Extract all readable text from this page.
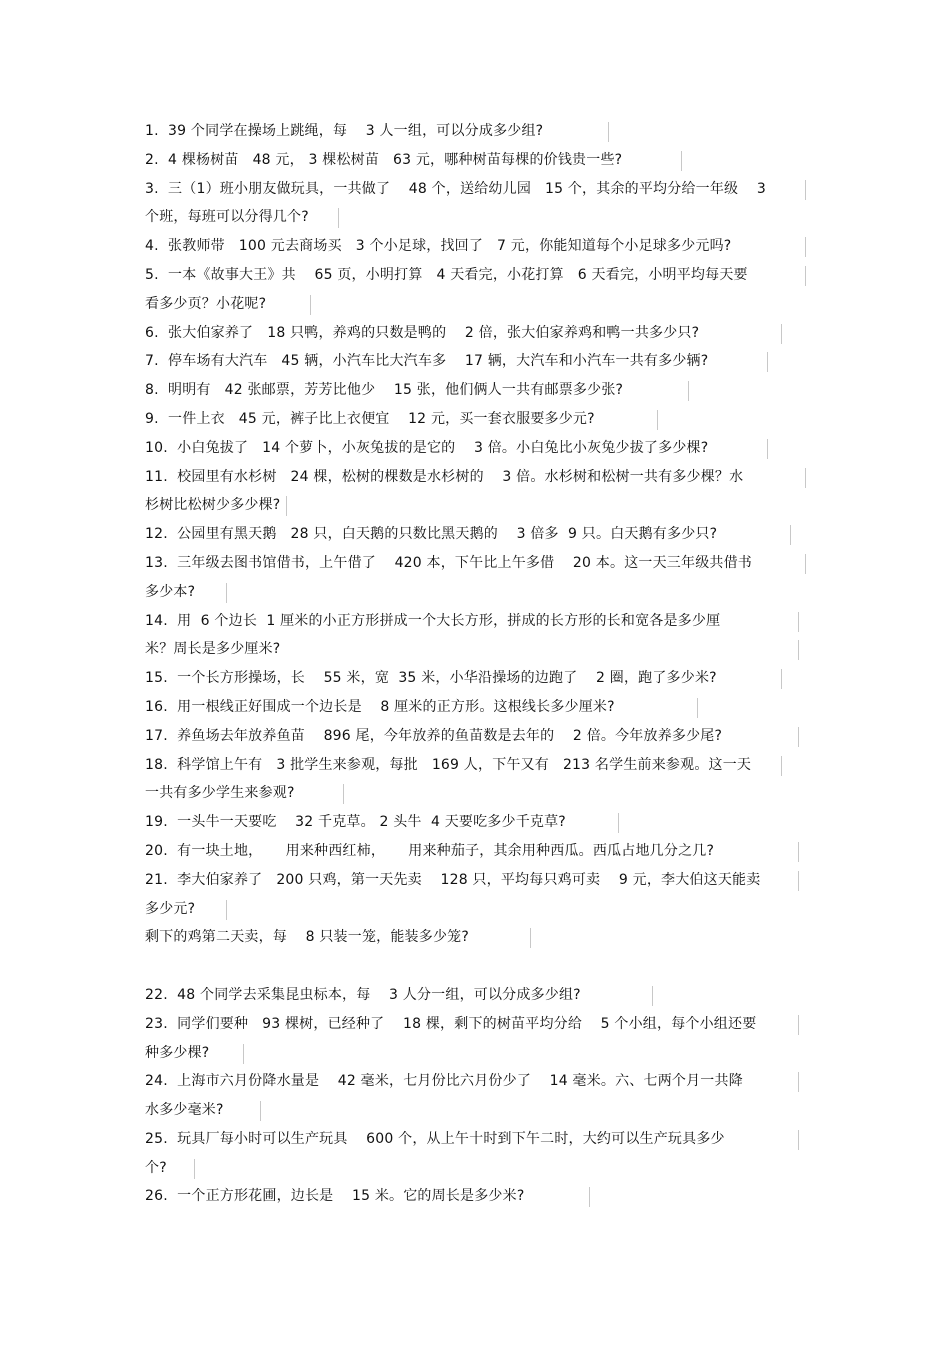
1.  39 个同学在操场上跳绳，每    3 人一组，可以分成多少组?
2.  4 棵杨树苗   48 元， 3 棵松树苗   63 元，哪种树苗每棵的价钱贵一些?
3.  三（1）班小朋友做玩具，一共做了    48 个，送给幼儿园   15 个，其余的平均分给一年级    3
个班，每班可以分得几个?
4.  张教师带   100 元去商场买   3 个小足球，找回了   7 元，你能知道每个小足球多少元吗?
5.  一本《故事大王》共    65 页，小明打算   4 天看完，小花打算   6 天看完，小明平均每天要
看多少页？小花呢?
6.  张大伯家养了   18 只鸭，养鸡的只数是鸭的    2 倍，张大伯家养鸡和鸭一共多少只?
7.  停车场有大汽车   45 辆，小汽车比大汽车多    17 辆，大汽车和小汽车一共有多少辆?
8.  明明有   42 张邮票，芳芳比他少    15 张，他们俩人一共有邮票多少张?
9.  一件上衣   45 元，裤子比上衣便宜    12 元，买一套衣服要多少元?
10.  小白兔拔了   14 个萝卜，小灰兔拔的是它的    3 倍。小白兔比小灰兔少拔了多少棵?
11.  校园里有水杉树   24 棵，松树的棵数是水杉树的    3 倍。水杉树和松树一共有多少棵？水
杉树比松树少多少棵?
12.  公园里有黑天鹅   28 只，白天鹅的只数比黑天鹅的    3 倍多  9 只。白天鹅有多少只?
13.  三年级去图书馆借书，上午借了    420 本，下午比上午多借    20 本。这一天三年级共借书
多少本?
14.  用  6 个边长  1 厘米的小正方形拼成一个大长方形，拼成的长方形的长和宽各是多少厘
米？周长是多少厘米?
15.  一个长方形操场，长    55 米，宽  35 米，小华沿操场的边跑了    2 圈，跑了多少米?
16.  用一根线正好围成一个边长是    8 厘米的正方形。这根线长多少厘米?
17.  养鱼场去年放养鱼苗    896 尾，今年放养的鱼苗数是去年的    2 倍。今年放养多少尾?
18.  科学馆上午有   3 批学生来参观，每批   169 人，下午又有   213 名学生前来参观。这一天
一共有多少学生来参观?
19.  一头牛一天要吃    32 千克草。 2 头牛  4 天要吃多少千克草?
20.  有一块土地，     用来种西红柿，     用来种茄子，其余用种西瓜。西瓜占地几分之几?
21.  李大伯家养了   200 只鸡，第一天先卖    128 只，平均每只鸡可卖    9 元，李大伯这天能卖
多少元?
剩下的鸡第二天卖，每    8 只装一笼，能装多少笼?
22.  48 个同学去采集昆虫标本，每    3 人分一组，可以分成多少组?
23.  同学们要种   93 棵树，已经种了    18 棵，剩下的树苗平均分给    5 个小组，每个小组还要
种多少棵?
24.  上海市六月份降水量是    42 毫米，七月份比六月份少了    14 毫米。六、七两个月一共降
水多少毫米?
25.  玩具厂每小时可以生产玩具    600 个，从上午十时到下午二时，大约可以生产玩具多少
个?
26.  一个正方形花圃，边长是    15 米。它的周长是多少米?
